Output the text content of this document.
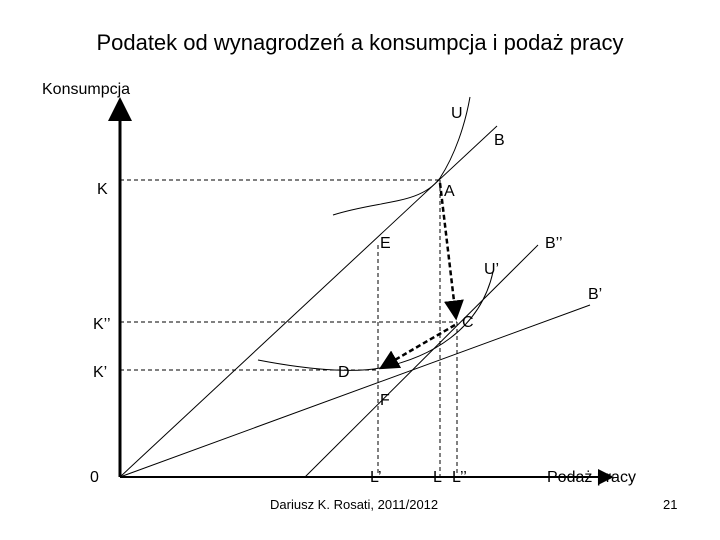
Podatek od wynagrodzeń a konsumpcja i podaż pracy
Konsumpcja
0	Podaż pracy
K
K’’
K’
U
B
A
E	B’’
U’
B’
C
D
F
L’	L L’’
Dariusz K. Rosati, 2011/2012	21
